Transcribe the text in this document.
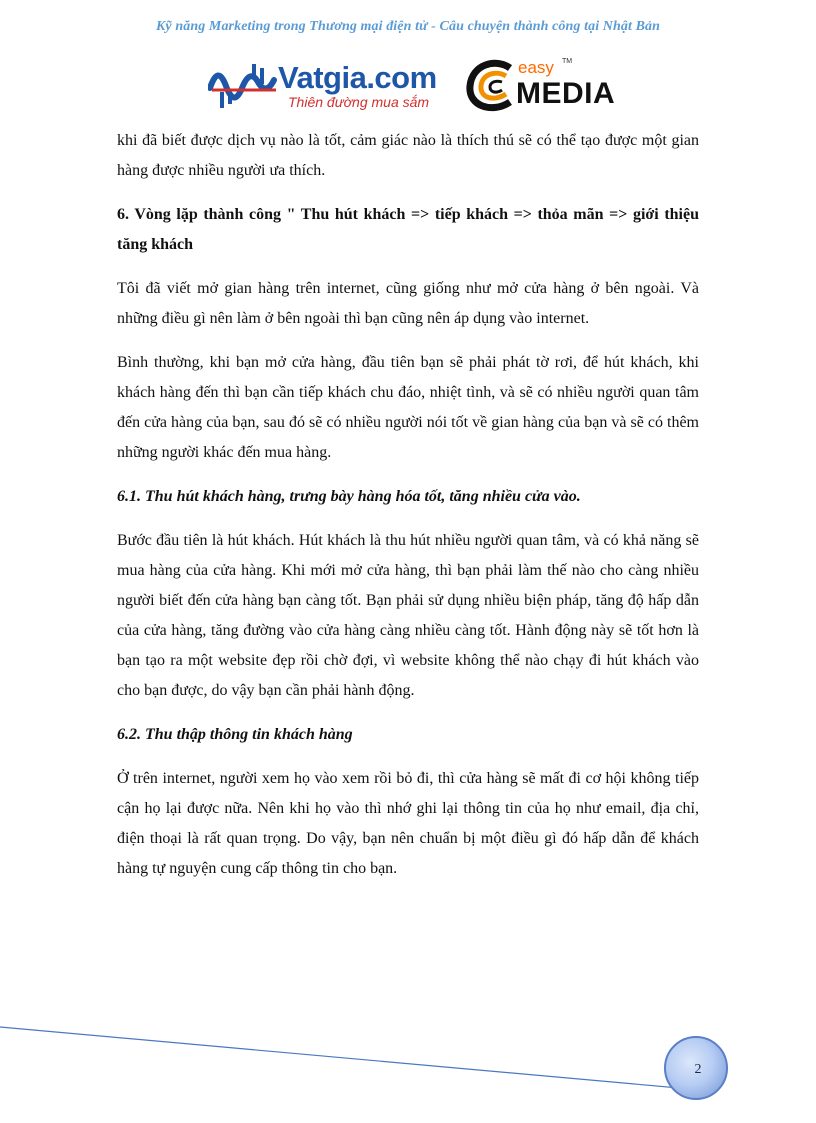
Kỹ năng Marketing trong Thương mại điện tử - Câu chuyện thành công tại Nhật Bản
Vatgia.com
Thiên đường mua sắm
easy TM
MEDIA

khi đã biết được dịch vụ nào là tốt, cảm giác nào là thích thú sẽ có thể tạo được một gian hàng được nhiều người ưa thích.

6. Vòng lặp thành công " Thu hút khách => tiếp khách => thỏa mãn => giới thiệu tăng khách

Tôi đã viết mở gian hàng trên internet, cũng giống như mở cửa hàng ở bên ngoài. Và những điều gì nên làm ở bên ngoài thì bạn cũng nên áp dụng vào internet.

Bình thường, khi bạn mở cửa hàng, đầu tiên bạn sẽ phải phát tờ rơi, để hút khách, khi khách hàng đến thì bạn cần tiếp khách chu đáo, nhiệt tình, và sẽ có nhiều người quan tâm đến cửa hàng của bạn, sau đó sẽ có nhiều người nói tốt về gian hàng của bạn và sẽ có thêm những người khác đến mua hàng.

6.1. Thu hút khách hàng, trưng bày hàng hóa tốt, tăng nhiều cửa vào.

Bước đầu tiên là hút khách. Hút khách là thu hút nhiều người quan tâm, và có khả năng sẽ mua hàng của cửa hàng. Khi mới mở cửa hàng, thì bạn phải làm thế nào cho càng nhiều người biết đến cửa hàng bạn càng tốt. Bạn phải sử dụng nhiều biện pháp, tăng độ hấp dẫn của cửa hàng, tăng đường vào cửa hàng càng nhiều càng tốt. Hành động này sẽ tốt hơn là bạn tạo ra một website đẹp rồi chờ đợi, vì website không thể nào chạy đi hút khách vào cho bạn được, do vậy bạn cần phải hành động.

6.2. Thu thập thông tin khách hàng

Ở trên internet, người xem họ vào xem rồi bỏ đi, thì cửa hàng sẽ mất đi cơ hội không tiếp cận họ lại được nữa. Nên khi họ vào thì nhớ ghi lại thông tin của họ như email, địa chỉ, điện thoại là rất quan trọng. Do vậy, bạn nên chuẩn bị một điều gì đó hấp dẫn để khách hàng tự nguyện cung cấp thông tin cho bạn.

2
